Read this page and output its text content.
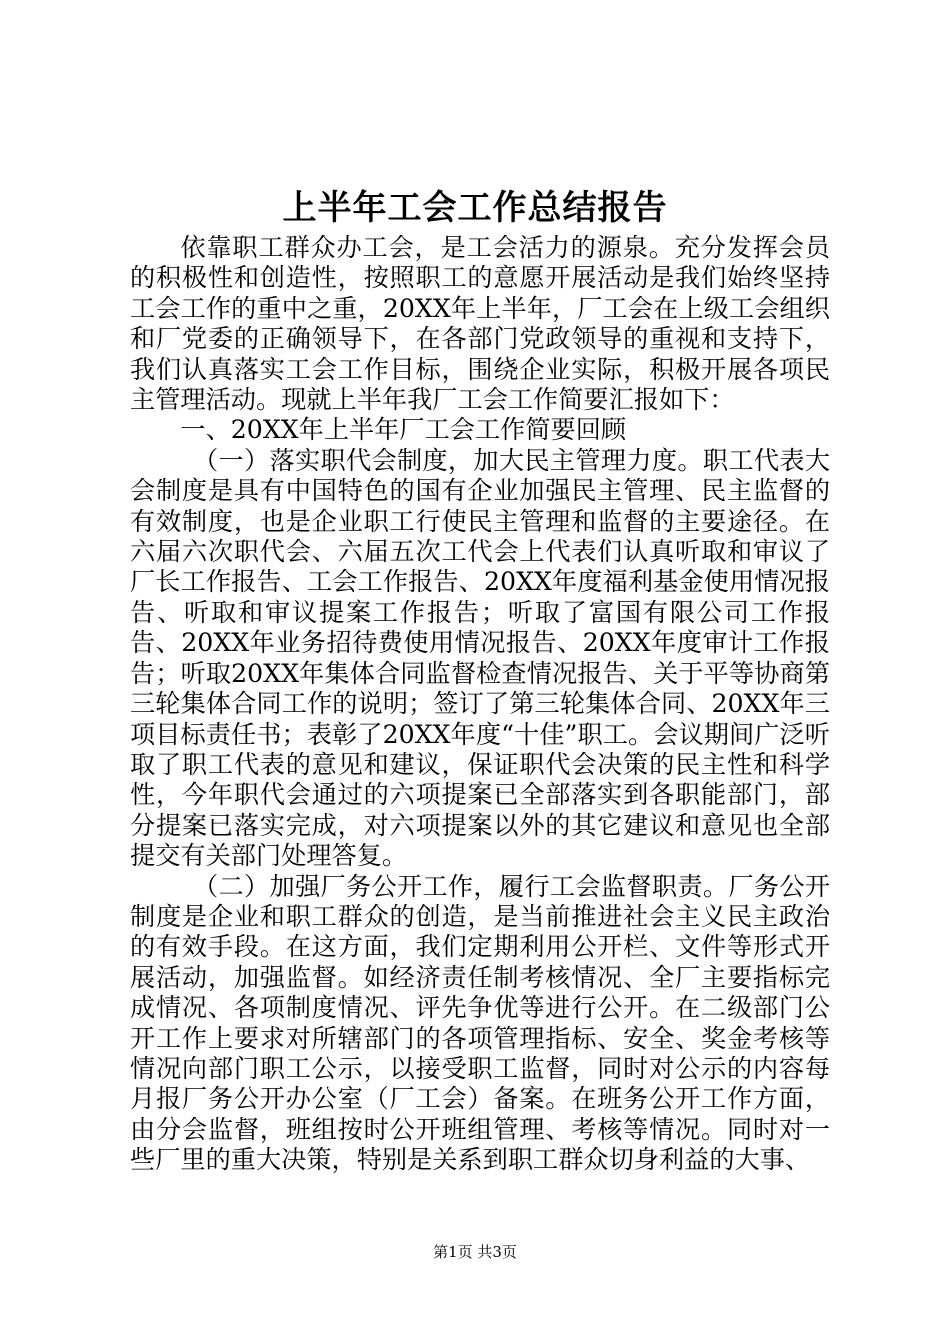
上半年工会工作总结报告

依靠职工群众办工会，是工会活力的源泉。充分发挥会员的积极性和创造性，按照职工的意愿开展活动是我们始终坚持工会工作的重中之重，20XX年上半年，厂工会在上级工会组织和厂党委的正确领导下，在各部门党政领导的重视和支持下，我们认真落实工会工作目标，围绕企业实际，积极开展各项民主管理活动。现就上半年我厂工会工作简要汇报如下：

一、20XX年上半年厂工会工作简要回顾

（一）落实职代会制度，加大民主管理力度。职工代表大会制度是具有中国特色的国有企业加强民主管理、民主监督的有效制度，也是企业职工行使民主管理和监督的主要途径。在六届六次职代会、六届五次工代会上代表们认真听取和审议了厂长工作报告、工会工作报告、20XX年度福利基金使用情况报告、听取和审议提案工作报告；听取了富国有限公司工作报告、20XX年业务招待费使用情况报告、20XX年度审计工作报告；听取20XX年集体合同监督检查情况报告、关于平等协商第三轮集体合同工作的说明；签订了第三轮集体合同、20XX年三项目标责任书；表彰了20XX年度“十佳”职工。会议期间广泛听取了职工代表的意见和建议，保证职代会决策的民主性和科学性，今年职代会通过的六项提案已全部落实到各职能部门，部分提案已落实完成，对六项提案以外的其它建议和意见也全部提交有关部门处理答复。

（二）加强厂务公开工作，履行工会监督职责。厂务公开制度是企业和职工群众的创造，是当前推进社会主义民主政治的有效手段。在这方面，我们定期利用公开栏、文件等形式开展活动，加强监督。如经济责任制考核情况、全厂主要指标完成情况、各项制度情况、评先争优等进行公开。在二级部门公开工作上要求对所辖部门的各项管理指标、安全、奖金考核等情况向部门职工公示，以接受职工监督，同时对公示的内容每月报厂务公开办公室（厂工会）备案。在班务公开工作方面，由分会监督，班组按时公开班组管理、考核等情况。同时对一些厂里的重大决策，特别是关系到职工群众切身利益的大事、

第1页 共3页
